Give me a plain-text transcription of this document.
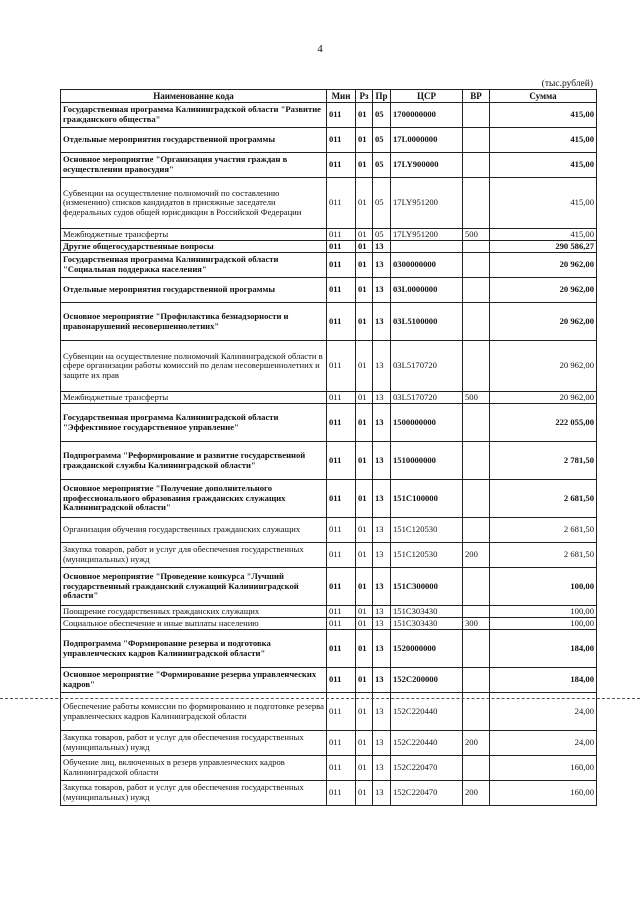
4
(тыс.рублей)
Наименование кода	Мин	Рз	Пр	ЦСР	ВР	Сумма
Государственная программа Калининградской области "Развитие гражданского общества"	011	01	05	1700000000		415,00
Отдельные мероприятия государственной программы	011	01	05	17L0000000		415,00
Основное мероприятие "Организация участия граждан в осуществлении правосудия"	011	01	05	17LY900000		415,00
Субвенции на осуществление полномочий по составлению (изменению) списков кандидатов в присяжные заседатели федеральных судов общей юрисдикции в Российской Федерации	011	01	05	17LY951200		415,00
Межбюджетные трансферты	011	01	05	17LY951200	500	415,00
Другие общегосударственные вопросы	011	01	13			290 586,27
Государственная программа Калининградской области "Социальная поддержка населения"	011	01	13	0300000000		20 962,00
Отдельные мероприятия государственной программы	011	01	13	03L0000000		20 962,00
Основное мероприятие "Профилактика безнадзорности и правонарушений несовершеннолетних"	011	01	13	03L5100000		20 962,00
Субвенции на осуществление полномочий Калининградской области в сфере организации работы комиссий по делам несовершеннолетних и защите их прав	011	01	13	03L5170720		20 962,00
Межбюджетные трансферты	011	01	13	03L5170720	500	20 962,00
Государственная программа Калининградской области "Эффективное государственное управление"	011	01	13	1500000000		222 055,00
Подпрограмма "Реформирование и развитие государственной гражданской службы Калининградской области"	011	01	13	1510000000		2 781,50
Основное мероприятие "Получение дополнительного профессионального образования гражданских служащих Калининградской области"	011	01	13	151C100000		2 681,50
Организация обучения государственных гражданских служащих	011	01	13	151C120530		2 681,50
Закупка товаров, работ и услуг для обеспечения государственных (муниципальных) нужд	011	01	13	151C120530	200	2 681,50
Основное мероприятие "Проведение конкурса "Лучший государственный гражданский служащий Калининградской области"	011	01	13	151C300000		100,00
Поощрение государственных гражданских служащих	011	01	13	151C303430		100,00
Социальное обеспечение и иные выплаты населению	011	01	13	151C303430	300	100,00
Подпрограмма "Формирование резерва и подготовка управленческих кадров Калининградской области"	011	01	13	1520000000		184,00
Основное мероприятие "Формирование резерва управленческих кадров"	011	01	13	152C200000		184,00
Обеспечение работы комиссии по формированию и подготовке резерва управленческих кадров Калининградской области	011	01	13	152C220440		24,00
Закупка товаров, работ и услуг для обеспечения государственных (муниципальных) нужд	011	01	13	152C220440	200	24,00
Обучение лиц, включенных в резерв управленческих кадров Калининградской области	011	01	13	152C220470		160,00
Закупка товаров, работ и услуг для обеспечения государственных (муниципальных) нужд	011	01	13	152C220470	200	160,00
